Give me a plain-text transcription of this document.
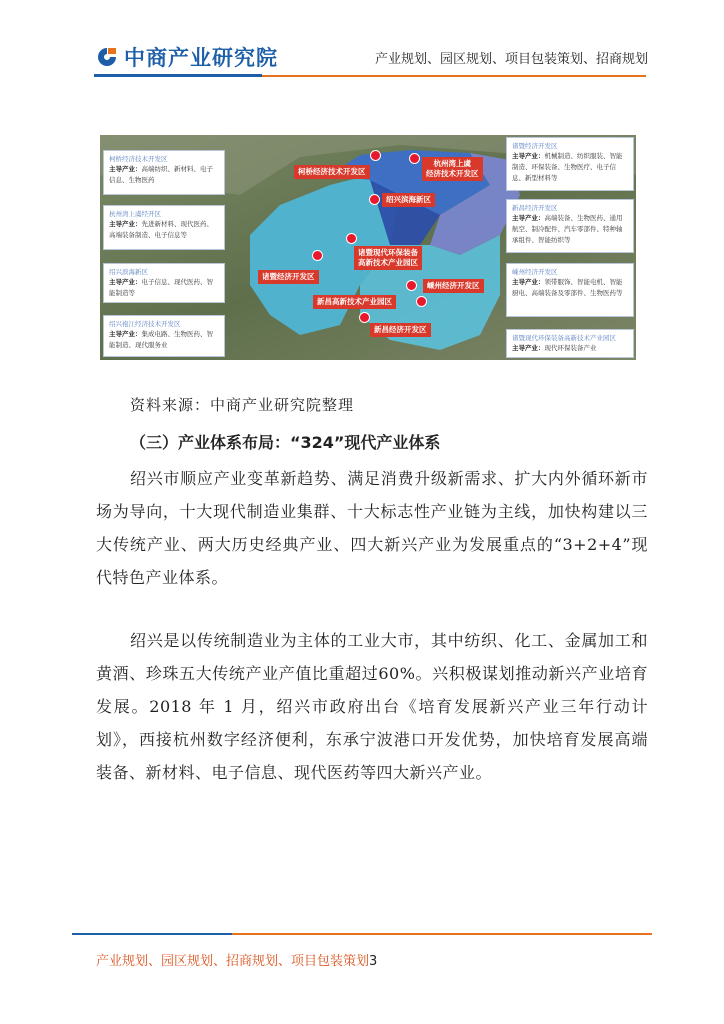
中商产业研究院	产业规划、园区规划、项目包装策划、招商规划
柯桥经济技术开发区
主导产业：高端纺织、新材料、电子信息、生物医药
杭州湾上虞经开区
主导产业：先进新材料、现代医药、高端装备制造、电子信息等
绍兴滨海新区
主导产业：电子信息、现代医药、智能制造等
绍兴袍江经济技术开发区
主导产业：集成电路、生物医药、智能制造、现代服务业
诸暨经济开发区
主导产业：机械制造、纺织服装、智能制造、环保装备、生物医疗、电子信息、新型材料等
新昌经济开发区
主导产业：高端装备、生物医药、通用航空、制冷配件、汽车零部件、特种轴承组件、智能纺织等
嵊州经济开发区
主导产业：领带服饰、智能电机、智能厨电、高端装备及零部件、生物医药等
诸暨现代环保装备高新技术产业园区
主导产业：现代环保装备产业
柯桥经济技术开发区
杭州湾上虞
经济技术开发区
绍兴滨海新区
诸暨现代环保装备
高新技术产业园区
诸暨经济开发区
嵊州经济开发区
新昌高新技术产业园区
新昌经济开发区
资料来源：中商产业研究院整理
（三）产业体系布局：“324”现代产业体系
绍兴市顺应产业变革新趋势、满足消费升级新需求、扩大内外循环新市场为导向，十大现代制造业集群、十大标志性产业链为主线，加快构建以三大传统产业、两大历史经典产业、四大新兴产业为发展重点的“3+2+4”现代特色产业体系。
绍兴是以传统制造业为主体的工业大市，其中纺织、化工、金属加工和黄酒、珍珠五大传统产业产值比重超过60%。兴积极谋划推动新兴产业培育发展。2018 年 1 月，绍兴市政府出台《培育发展新兴产业三年行动计划》，西接杭州数字经济便利，东承宁波港口开发优势，加快培育发展高端装备、新材料、电子信息、现代医药等四大新兴产业。
产业规划、园区规划、招商规划、项目包装策划3
